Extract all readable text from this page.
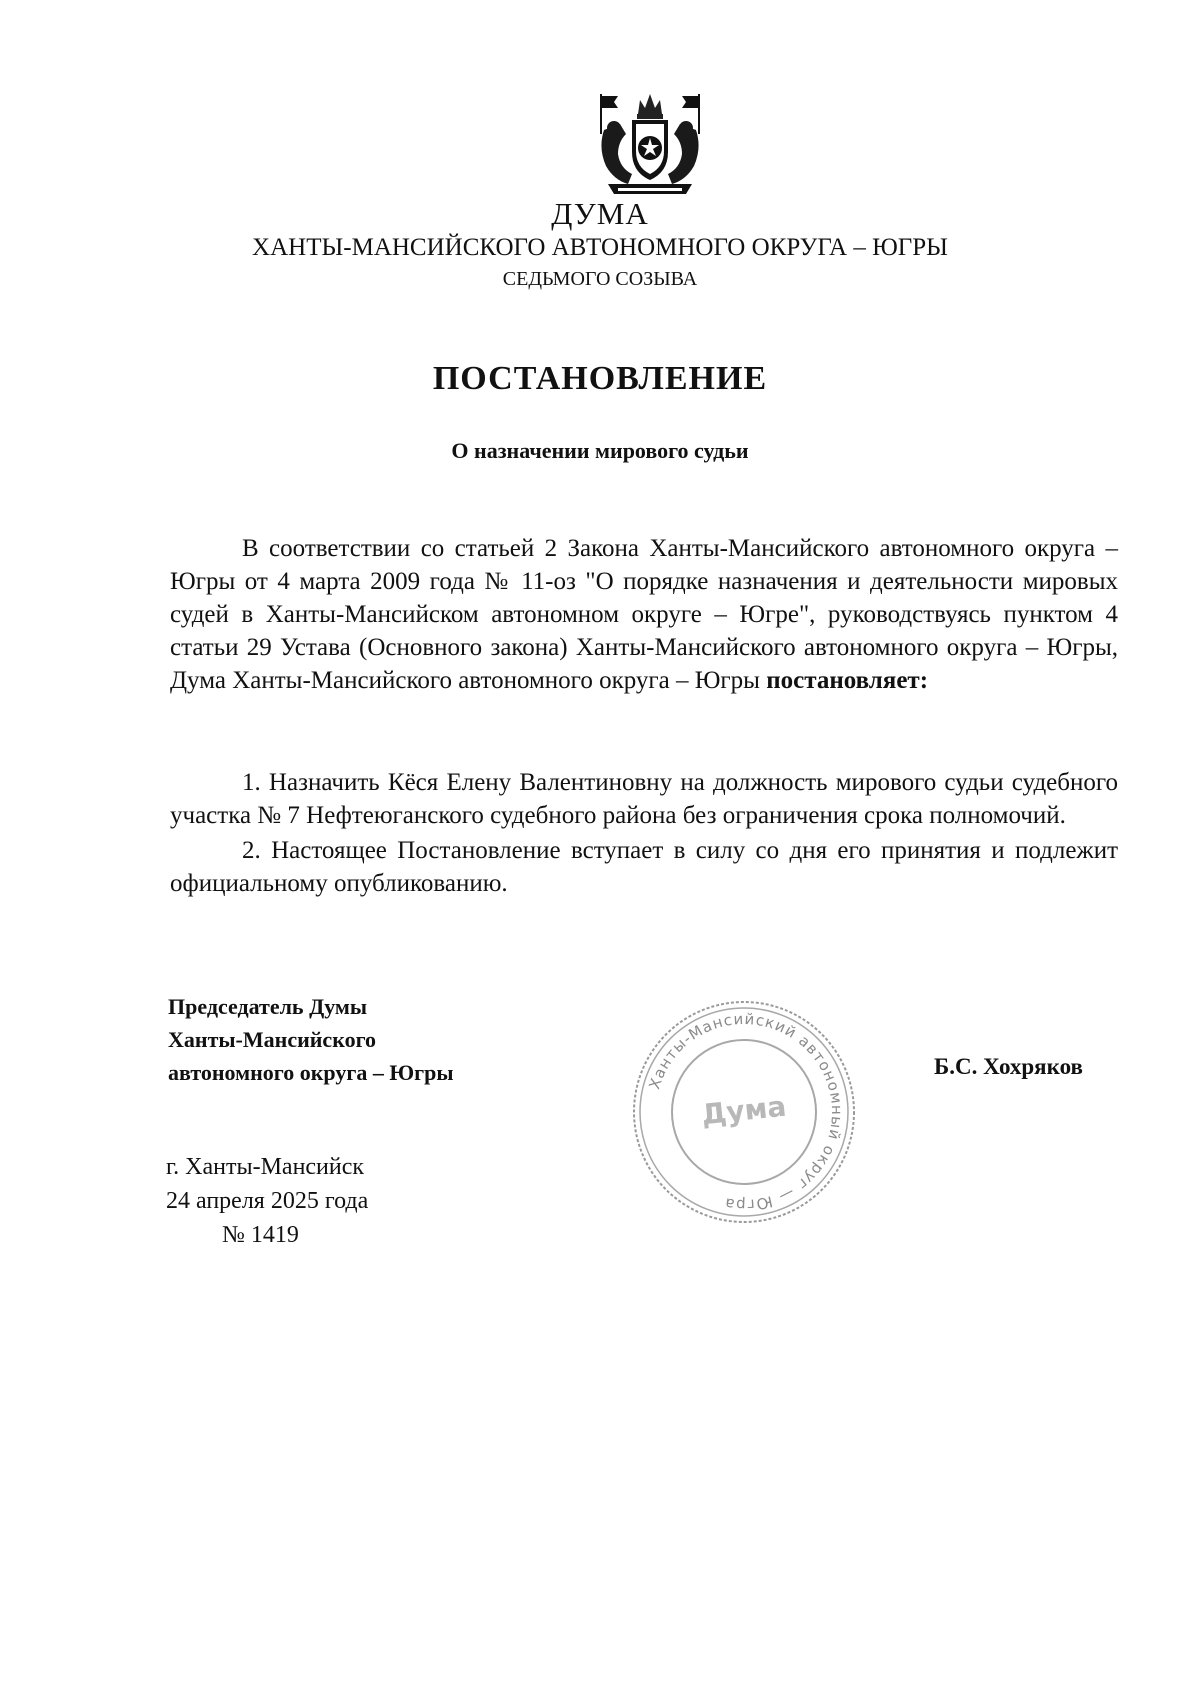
ДУМА
ХАНТЫ-МАНСИЙСКОГО АВТОНОМНОГО ОКРУГА – ЮГРЫ
СЕДЬМОГО СОЗЫВА
ПОСТАНОВЛЕНИЕ
О назначении мирового судьи

В соответствии со статьей 2 Закона Ханты-Мансийского автономного округа – Югры от 4 марта 2009 года № 11-оз "О порядке назначения и деятельности мировых судей в Ханты-Мансийском автономном округе – Югре", руководствуясь пунктом 4 статьи 29 Устава (Основного закона) Ханты-Мансийского автономного округа – Югры, Дума Ханты-Мансийского автономного округа – Югры постановляет:

1. Назначить Кёся Елену Валентиновну на должность мирового судьи судебного участка № 7 Нефтеюганского судебного района без ограничения срока полномочий.

2. Настоящее Постановление вступает в силу со дня его принятия и подлежит официальному опубликованию.

Председатель Думы
Ханты-Мансийского
автономного округа – Югры	Ханты-Мансийский автономный округ — Югра
Дума
Б.С. Хохряков
г. Ханты-Мансийск
24 апреля 2025 года
№ 1419
